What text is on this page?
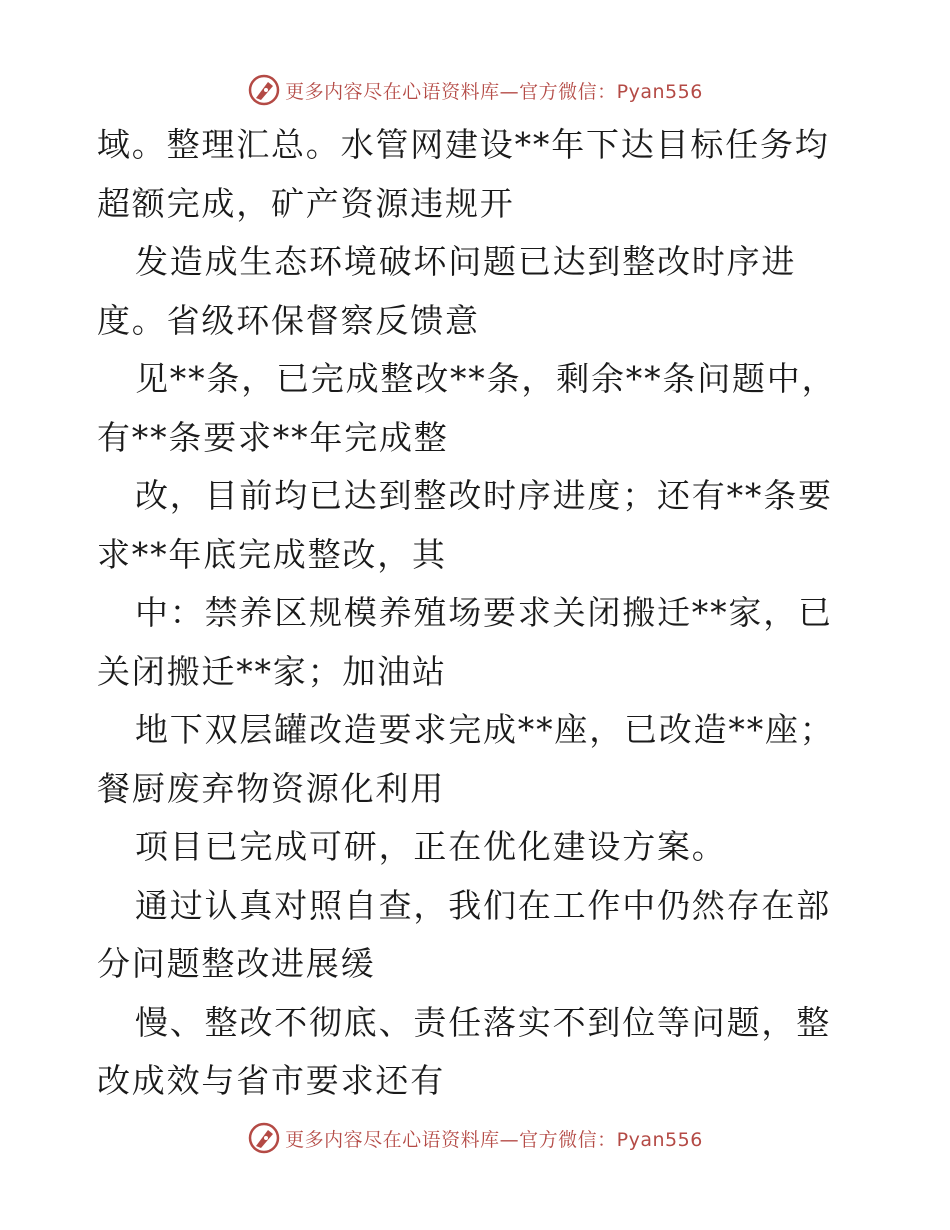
更多内容尽在心语资料库—官方微信：Pyan556

域。整理汇总。水管网建设**年下达目标任务均超额完成，矿产资源违规开

发造成生态环境破坏问题已达到整改时序进度。省级环保督察反馈意

见**条，已完成整改**条，剩余**条问题中，有**条要求**年完成整

改，目前均已达到整改时序进度；还有**条要求**年底完成整改，其

中：禁养区规模养殖场要求关闭搬迁**家，已关闭搬迁**家；加油站

地下双层罐改造要求完成**座，已改造**座；餐厨废弃物资源化利用

项目已完成可研，正在优化建设方案。

通过认真对照自查，我们在工作中仍然存在部分问题整改进展缓

慢、整改不彻底、责任落实不到位等问题，整改成效与省市要求还有

更多内容尽在心语资料库—官方微信：Pyan556
